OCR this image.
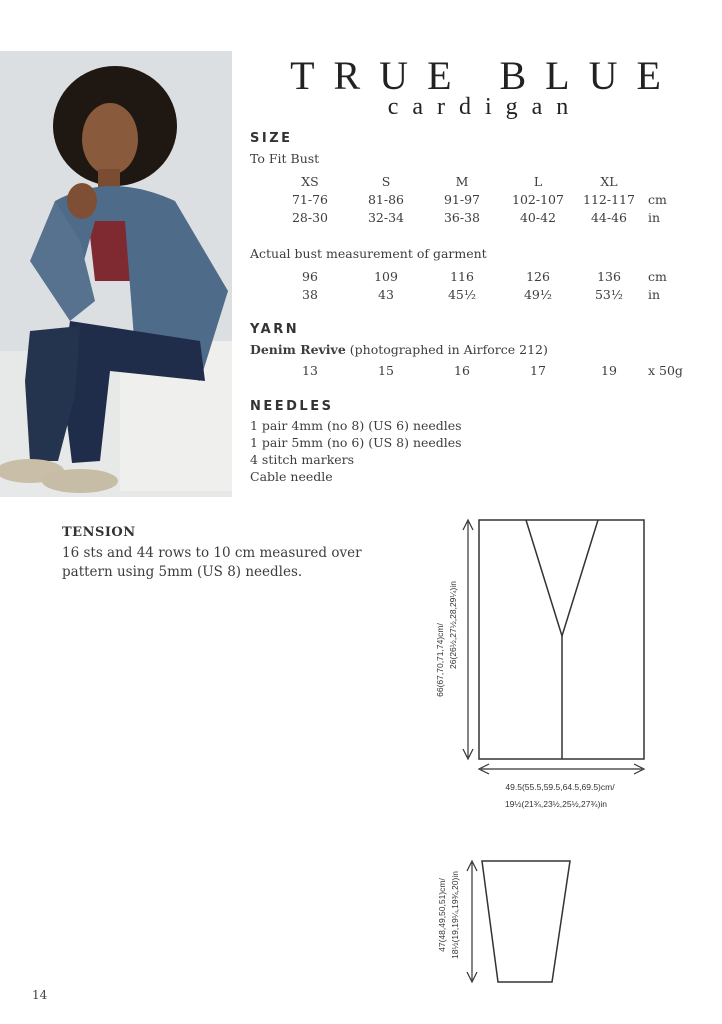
TRUE BLUE
cardigan
SIZE
To Fit Bust
XS	S	M	L	XL
71-76	81-86	91-97	102-107	112-117	cm
28-30	32-34	36-38	40-42	44-46	in
Actual bust measurement of garment
96	109	116	126	136	cm
38	43	45½	49½	53½	in
YARN
Denim Revive (photographed in Airforce 212)
13	15	16	17	19	x 50g
NEEDLES
1 pair 4mm (no 8) (US 6) needles
1 pair 5mm (no 6) (US 8) needles
4 stitch markers
Cable needle
TENSION
16 sts and 44 rows to 10 cm measured over pattern using 5mm (US 8) needles.
66(67,70,71,74)cm/ 26(26½,27½,28,29¼)in
49.5(55.5,59.5,64.5,69.5)cm/
19½(21¾,23½,25½,27¾)in
47(48,49,50,51)cm/ 18½(19,19¼,19¾,20)in
14
